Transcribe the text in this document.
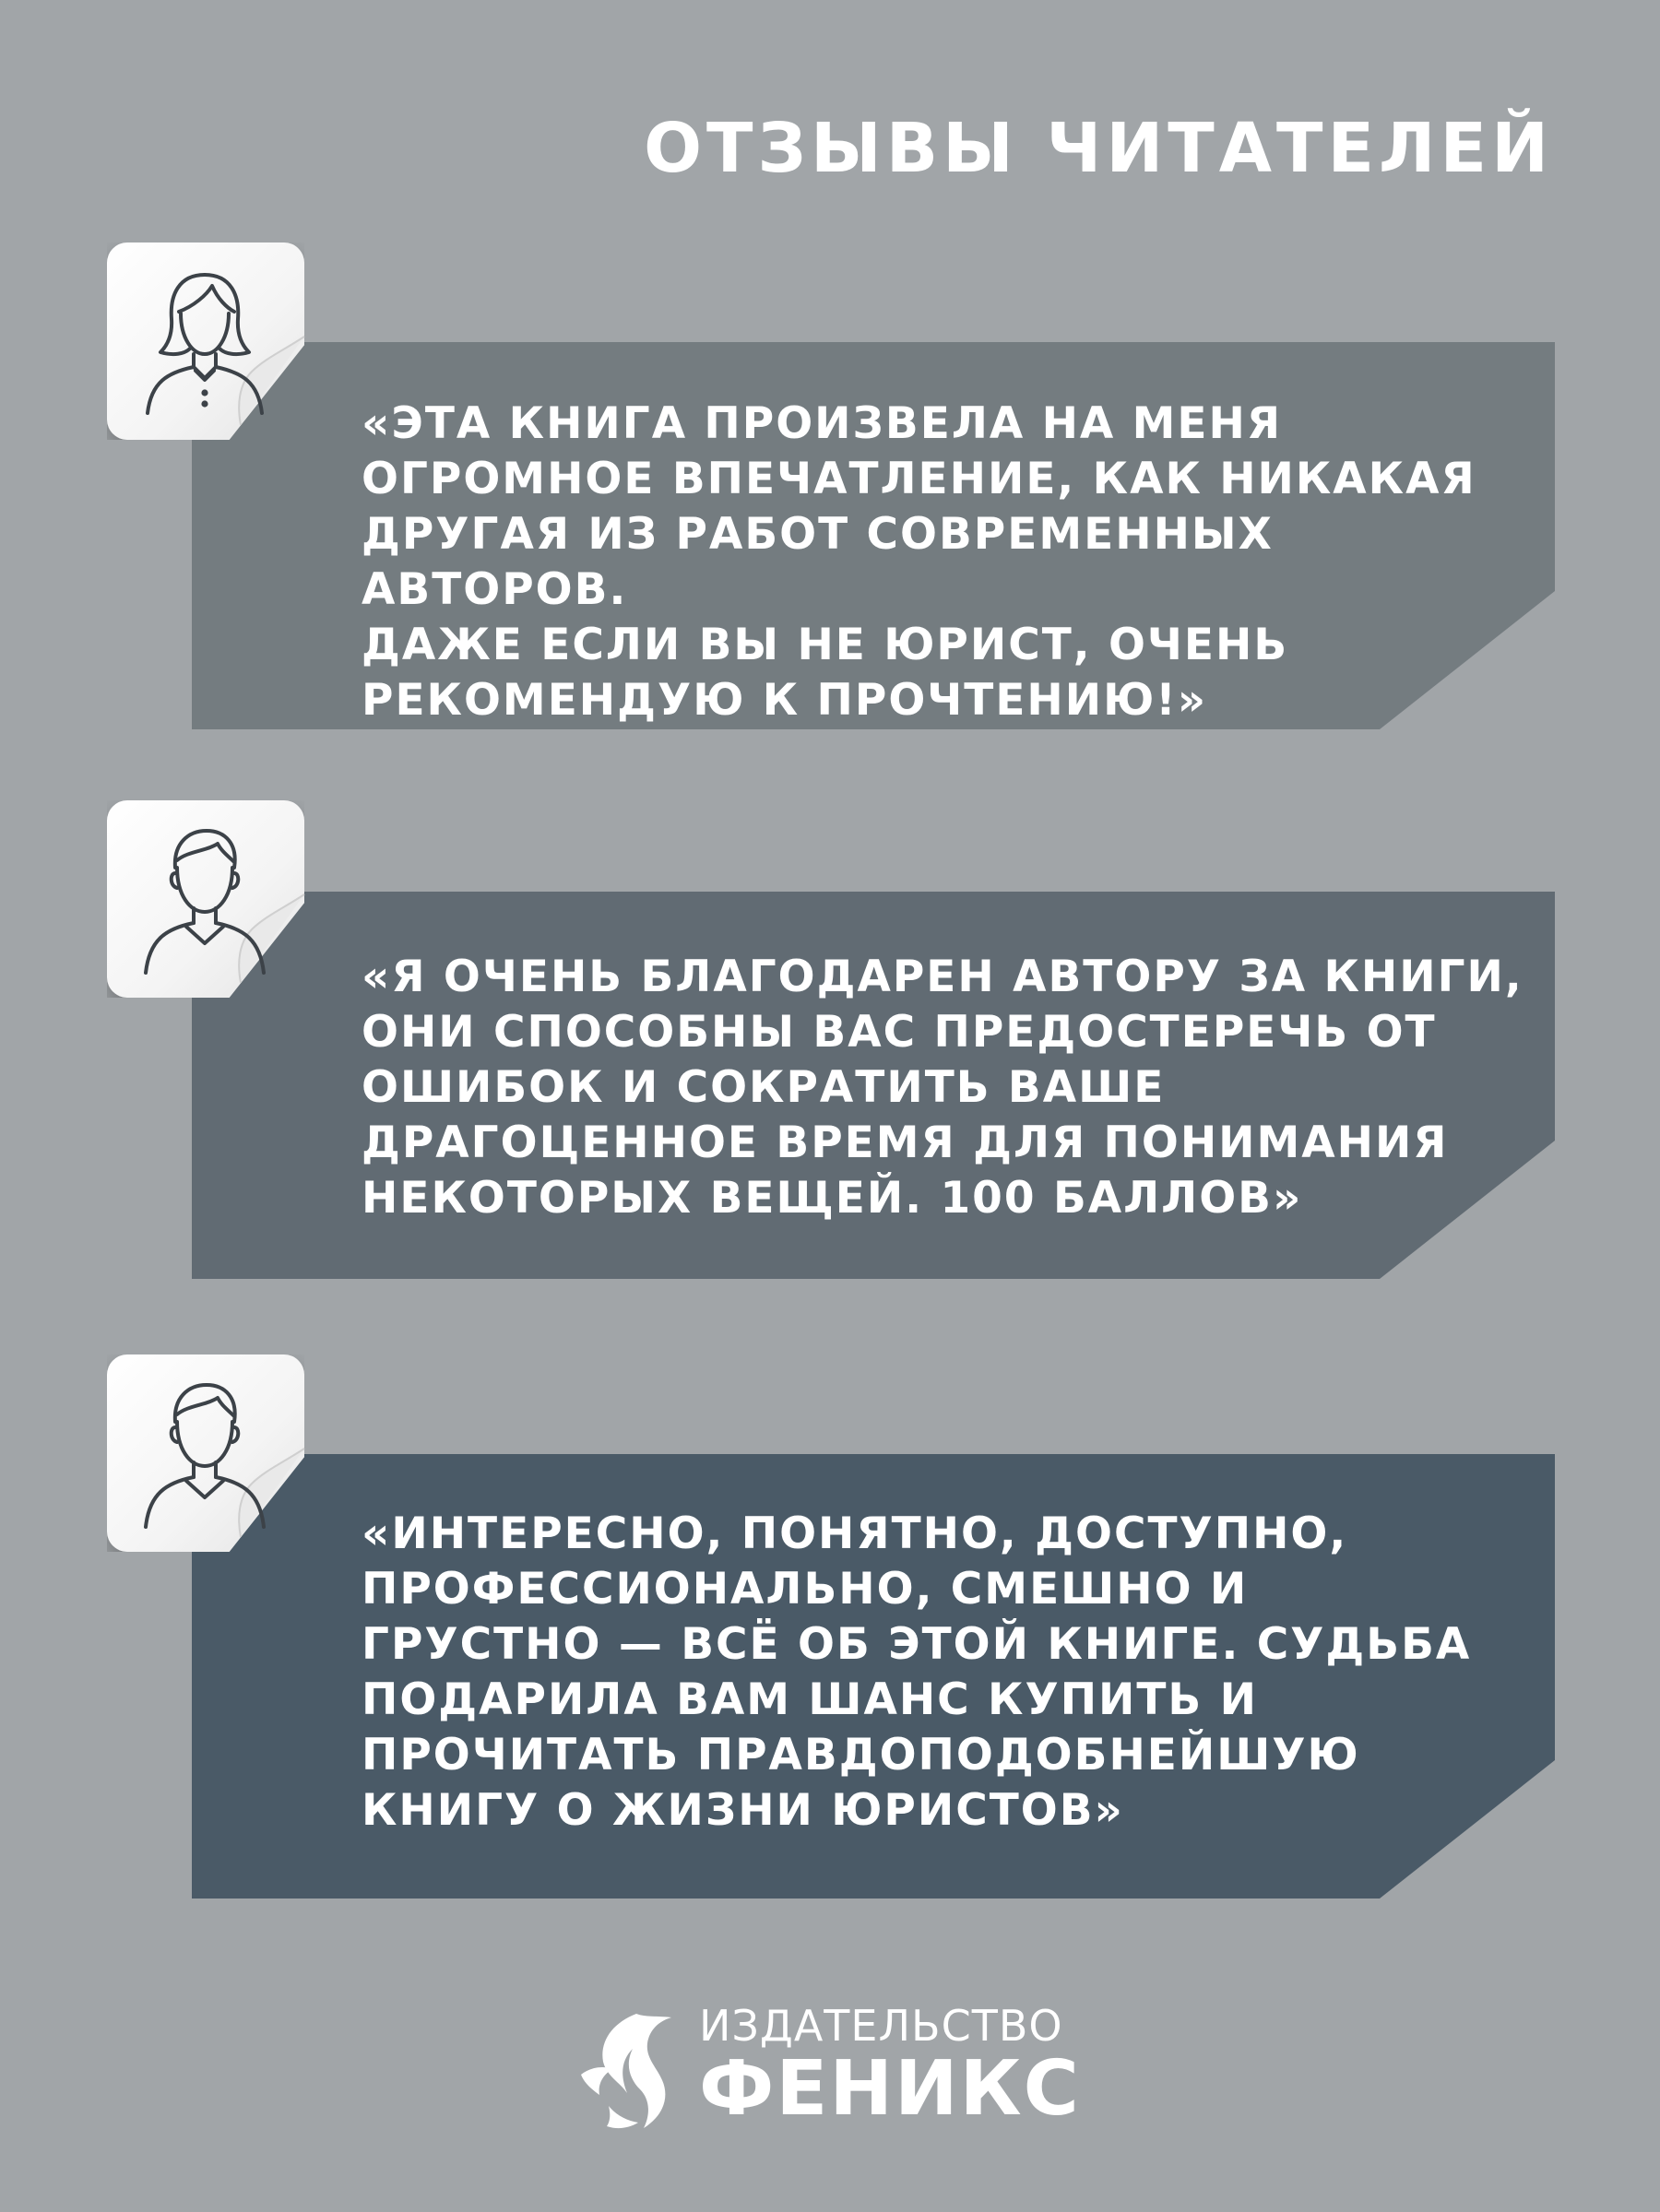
ОТЗЫВЫ ЧИТАТЕЛЕЙ

«ЭТА КНИГА ПРОИЗВЕЛА НА МЕНЯ
ОГРОМНОЕ ВПЕЧАТЛЕНИЕ, КАК НИКАКАЯ
ДРУГАЯ ИЗ РАБОТ СОВРЕМЕННЫХ АВТОРОВ.
ДАЖЕ ЕСЛИ ВЫ НЕ ЮРИСТ, ОЧЕНЬ
РЕКОМЕНДУЮ К ПРОЧТЕНИЮ!»

«Я ОЧЕНЬ БЛАГОДАРЕН АВТОРУ ЗА КНИГИ,
ОНИ СПОСОБНЫ ВАС ПРЕДОСТЕРЕЧЬ ОТ
ОШИБОК И СОКРАТИТЬ ВАШЕ
ДРАГОЦЕННОЕ ВРЕМЯ ДЛЯ ПОНИМАНИЯ
НЕКОТОРЫХ ВЕЩЕЙ. 100 БАЛЛОВ»

«ИНТЕРЕСНО, ПОНЯТНО, ДОСТУПНО,
ПРОФЕССИОНАЛЬНО, СМЕШНО И
ГРУСТНО — ВСЁ ОБ ЭТОЙ КНИГЕ. СУДЬБА
ПОДАРИЛА ВАМ ШАНС КУПИТЬ И
ПРОЧИТАТЬ ПРАВДОПОДОБНЕЙШУЮ
КНИГУ О ЖИЗНИ ЮРИСТОВ»

ИЗДАТЕЛЬСТВО

ФЕНИКС
